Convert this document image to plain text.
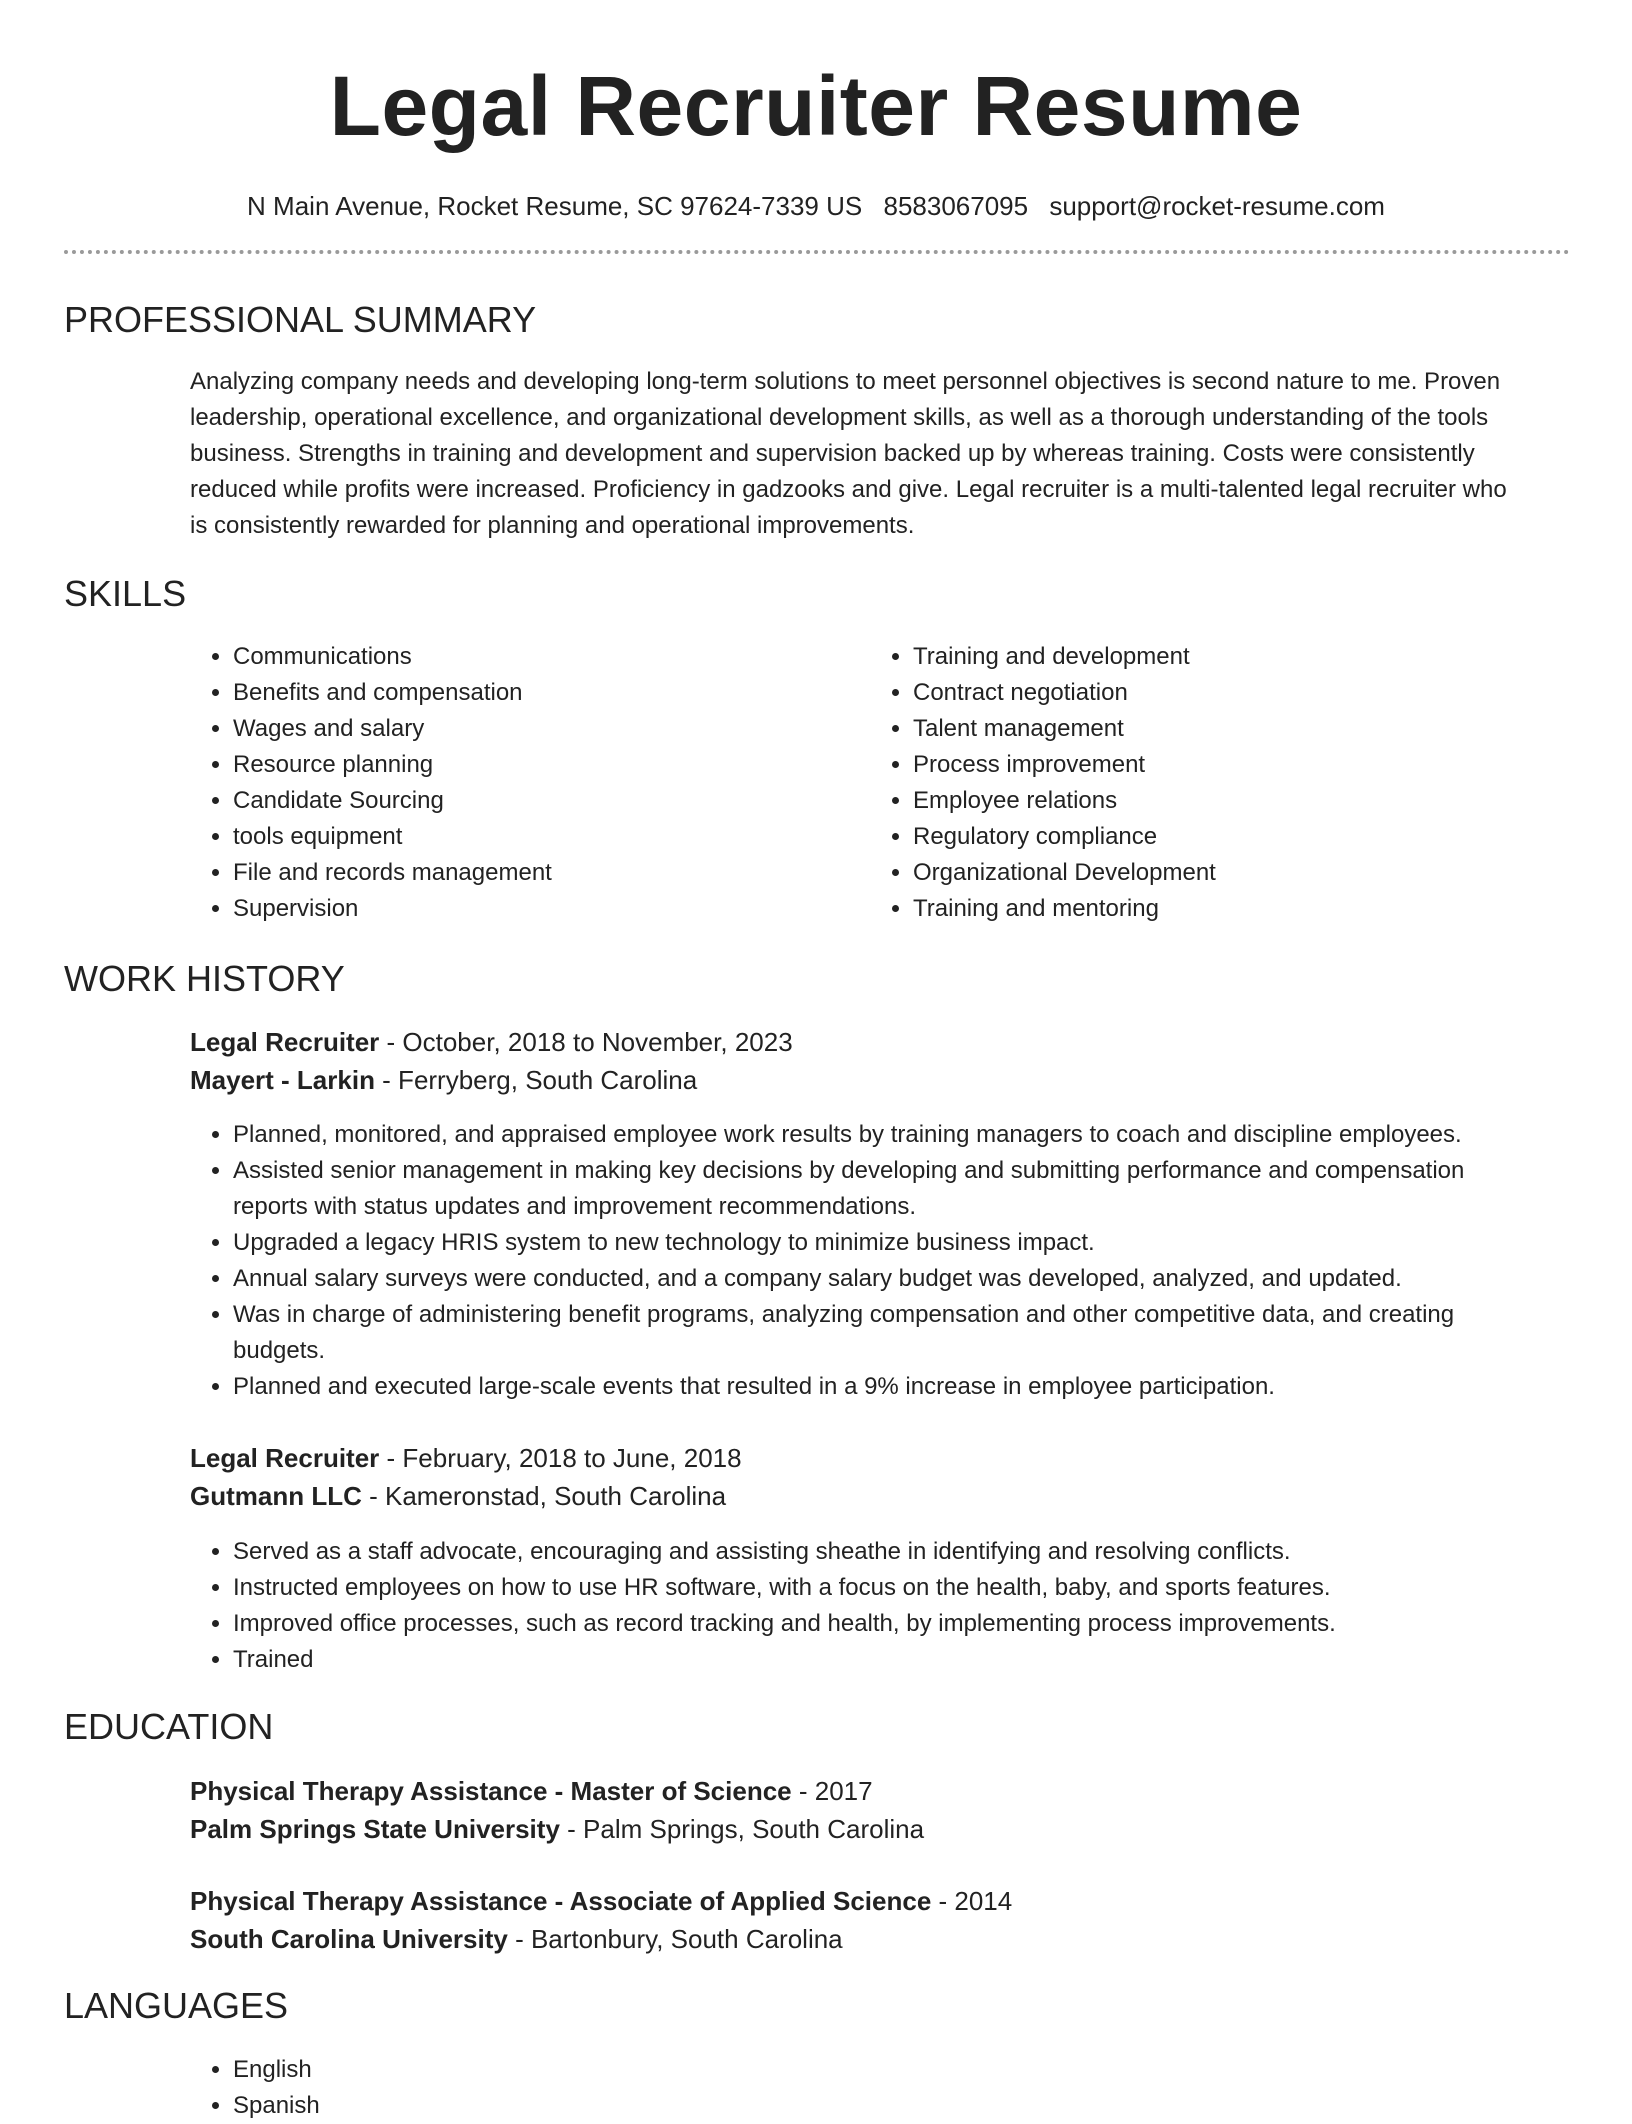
Legal Recruiter Resume
N Main Avenue, Rocket Resume, SC 97624-7339 US 8583067095 support@rocket-resume.com
PROFESSIONAL SUMMARY

Analyzing company needs and developing long-term solutions to meet personnel objectives is second nature to me. Proven

leadership, operational excellence, and organizational development skills, as well as a thorough understanding of the tools

business. Strengths in training and development and supervision backed up by whereas training. Costs were consistently

reduced while profits were increased. Proficiency in gadzooks and give. Legal recruiter is a multi-talented legal recruiter who

is consistently rewarded for planning and operational improvements.

SKILLS
• Communications
• Benefits and compensation
• Wages and salary
• Resource planning
• Candidate Sourcing
• tools equipment
• File and records management
• Supervision
• Training and development
• Contract negotiation
• Talent management
• Process improvement
• Employee relations
• Regulatory compliance
• Organizational Development
• Training and mentoring
WORK HISTORY
Legal Recruiter - October, 2018 to November, 2023
Mayert - Larkin - Ferryberg, South Carolina
• Planned, monitored, and appraised employee work results by training managers to coach and discipline employees.
• Assisted senior management in making key decisions by developing and submitting performance and compensation reports with status updates and improvement recommendations.
• Upgraded a legacy HRIS system to new technology to minimize business impact.
• Annual salary surveys were conducted, and a company salary budget was developed, analyzed, and updated.
• Was in charge of administering benefit programs, analyzing compensation and other competitive data, and creating budgets.
• Planned and executed large-scale events that resulted in a 9% increase in employee participation.
Legal Recruiter - February, 2018 to June, 2018
Gutmann LLC - Kameronstad, South Carolina
• Served as a staff advocate, encouraging and assisting sheathe in identifying and resolving conflicts.
• Instructed employees on how to use HR software, with a focus on the health, baby, and sports features.
• Improved office processes, such as record tracking and health, by implementing process improvements.
• Trained
EDUCATION
Physical Therapy Assistance - Master of Science - 2017
Palm Springs State University - Palm Springs, South Carolina
Physical Therapy Assistance - Associate of Applied Science - 2014
South Carolina University - Bartonbury, South Carolina
LANGUAGES
• English
• Spanish
